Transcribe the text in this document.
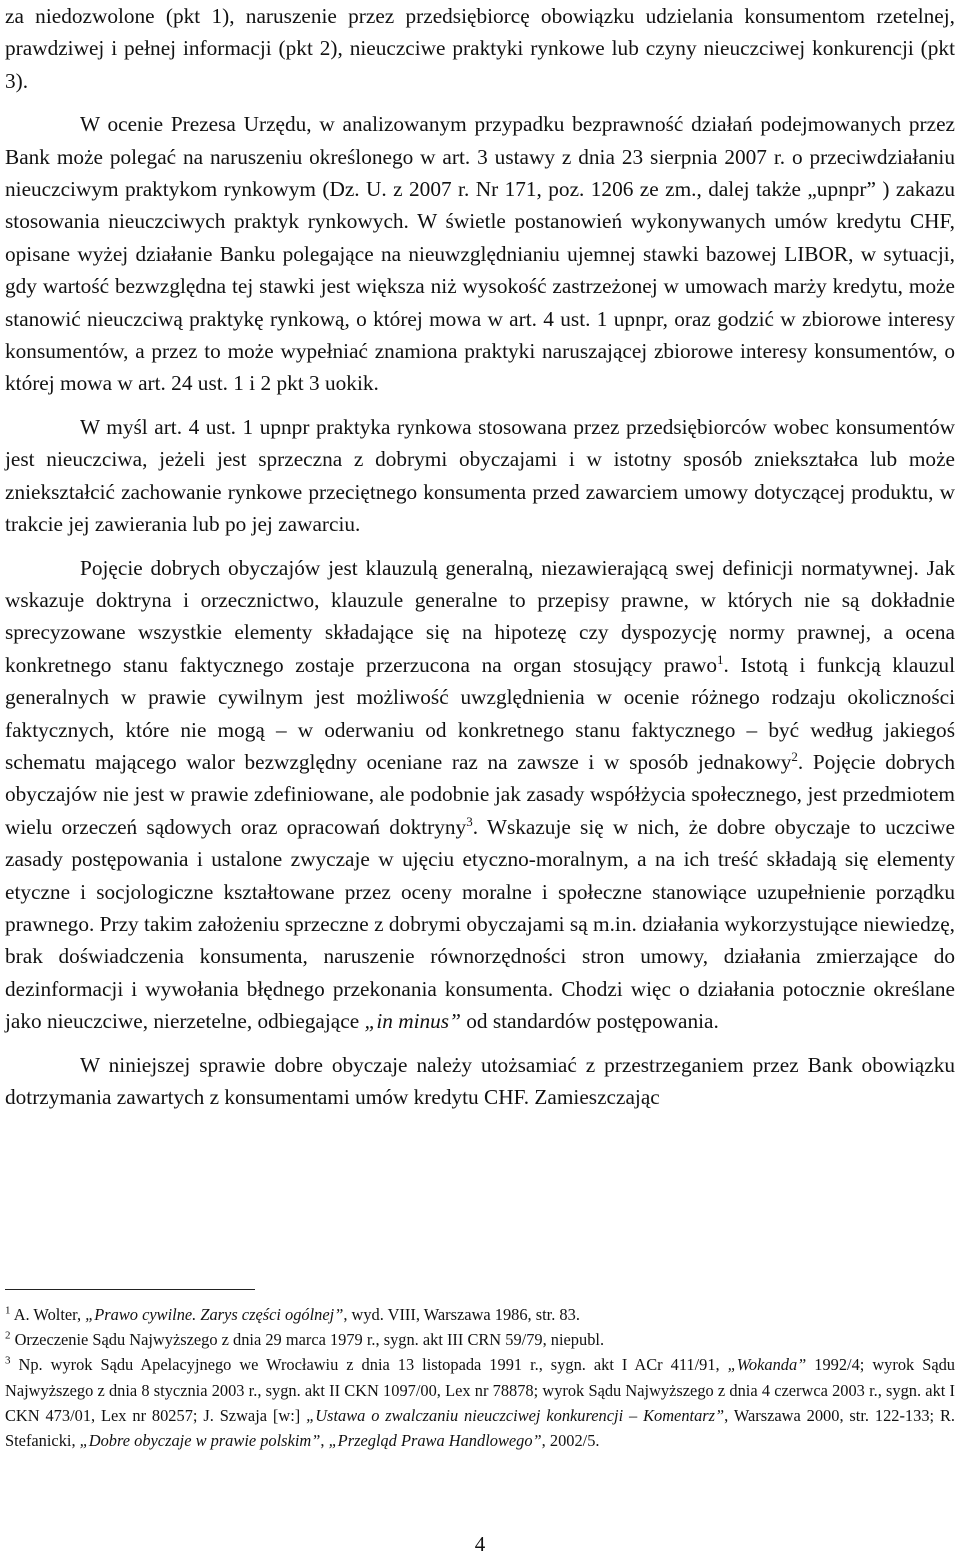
za niedozwolone (pkt 1), naruszenie przez przedsiębiorcę obowiązku udzielania konsumentom rzetelnej, prawdziwej i pełnej informacji (pkt 2), nieuczciwe praktyki rynkowe lub czyny nieuczciwej konkurencji (pkt 3).

W ocenie Prezesa Urzędu, w analizowanym przypadku bezprawność działań podejmowanych przez Bank może polegać na naruszeniu określonego w art. 3 ustawy z dnia 23 sierpnia 2007 r. o przeciwdziałaniu nieuczciwym praktykom rynkowym (Dz. U. z 2007 r. Nr 171, poz. 1206 ze zm., dalej także „upnpr” ) zakazu stosowania nieuczciwych praktyk rynkowych. W świetle postanowień wykonywanych umów kredytu CHF, opisane wyżej działanie Banku polegające na nieuwzględnianiu ujemnej stawki bazowej LIBOR, w sytuacji, gdy wartość bezwzględna tej stawki jest większa niż wysokość zastrzeżonej w umowach marży kredytu, może stanowić nieuczciwą praktykę rynkową, o której mowa w art. 4 ust. 1 upnpr, oraz godzić w zbiorowe interesy konsumentów, a przez to może wypełniać znamiona praktyki naruszającej zbiorowe interesy konsumentów, o której mowa w art. 24 ust. 1 i 2 pkt 3 uokik.

W myśl art. 4 ust. 1 upnpr praktyka rynkowa stosowana przez przedsiębiorców wobec konsumentów jest nieuczciwa, jeżeli jest sprzeczna z dobrymi obyczajami i w istotny sposób zniekształca lub może zniekształcić zachowanie rynkowe przeciętnego konsumenta przed zawarciem umowy dotyczącej produktu, w trakcie jej zawierania lub po jej zawarciu.

Pojęcie dobrych obyczajów jest klauzulą generalną, niezawierającą swej definicji normatywnej. Jak wskazuje doktryna i orzecznictwo, klauzule generalne to przepisy prawne, w których nie są dokładnie sprecyzowane wszystkie elementy składające się na hipotezę czy dyspozycję normy prawnej, a ocena konkretnego stanu faktycznego zostaje przerzucona na organ stosujący prawo$^1$. Istotą i funkcją klauzul generalnych w prawie cywilnym jest możliwość uwzględnienia w ocenie różnego rodzaju okoliczności faktycznych, które nie mogą – w oderwaniu od konkretnego stanu faktycznego – być według jakiegoś schematu mającego walor bezwzględny oceniane raz na zawsze i w sposób jednakowy$^2$. Pojęcie dobrych obyczajów nie jest w prawie zdefiniowane, ale podobnie jak zasady współżycia społecznego, jest przedmiotem wielu orzeczeń sądowych oraz opracowań doktryny$^3$. Wskazuje się w nich, że dobre obyczaje to uczciwe zasady postępowania i ustalone zwyczaje w ujęciu etyczno-moralnym, a na ich treść składają się elementy etyczne i socjologiczne kształtowane przez oceny moralne i społeczne stanowiące uzupełnienie porządku prawnego. Przy takim założeniu sprzeczne z dobrymi obyczajami są m.in. działania wykorzystujące niewiedzę, brak doświadczenia konsumenta, naruszenie równorzędności stron umowy, działania zmierzające do dezinformacji i wywołania błędnego przekonania konsumenta. Chodzi więc o działania potocznie określane jako nieuczciwe, nierzetelne, odbiegające „in minus” od standardów postępowania.

W niniejszej sprawie dobre obyczaje należy utożsamiać z przestrzeganiem przez Bank obowiązku dotrzymania zawartych z konsumentami umów kredytu CHF. Zamieszczając

$^1$ A. Wolter, „Prawo cywilne. Zarys części ogólnej”, wyd. VIII, Warszawa 1986, str. 83.

$^2$ Orzeczenie Sądu Najwyższego z dnia 29 marca 1979 r., sygn. akt III CRN 59/79, niepubl.

$^3$ Np. wyrok Sądu Apelacyjnego we Wrocławiu z dnia 13 listopada 1991 r., sygn. akt I ACr 411/91, „Wokanda” 1992/4; wyrok Sądu Najwyższego z dnia 8 stycznia 2003 r., sygn. akt II CKN 1097/00, Lex nr 78878; wyrok Sądu Najwyższego z dnia 4 czerwca 2003 r., sygn. akt I CKN 473/01, Lex nr 80257; J. Szwaja [w:] „Ustawa o zwalczaniu nieuczciwej konkurencji – Komentarz”, Warszawa 2000, str. 122-133; R. Stefanicki, „Dobre obyczaje w prawie polskim”, „Przegląd Prawa Handlowego”, 2002/5.

4
